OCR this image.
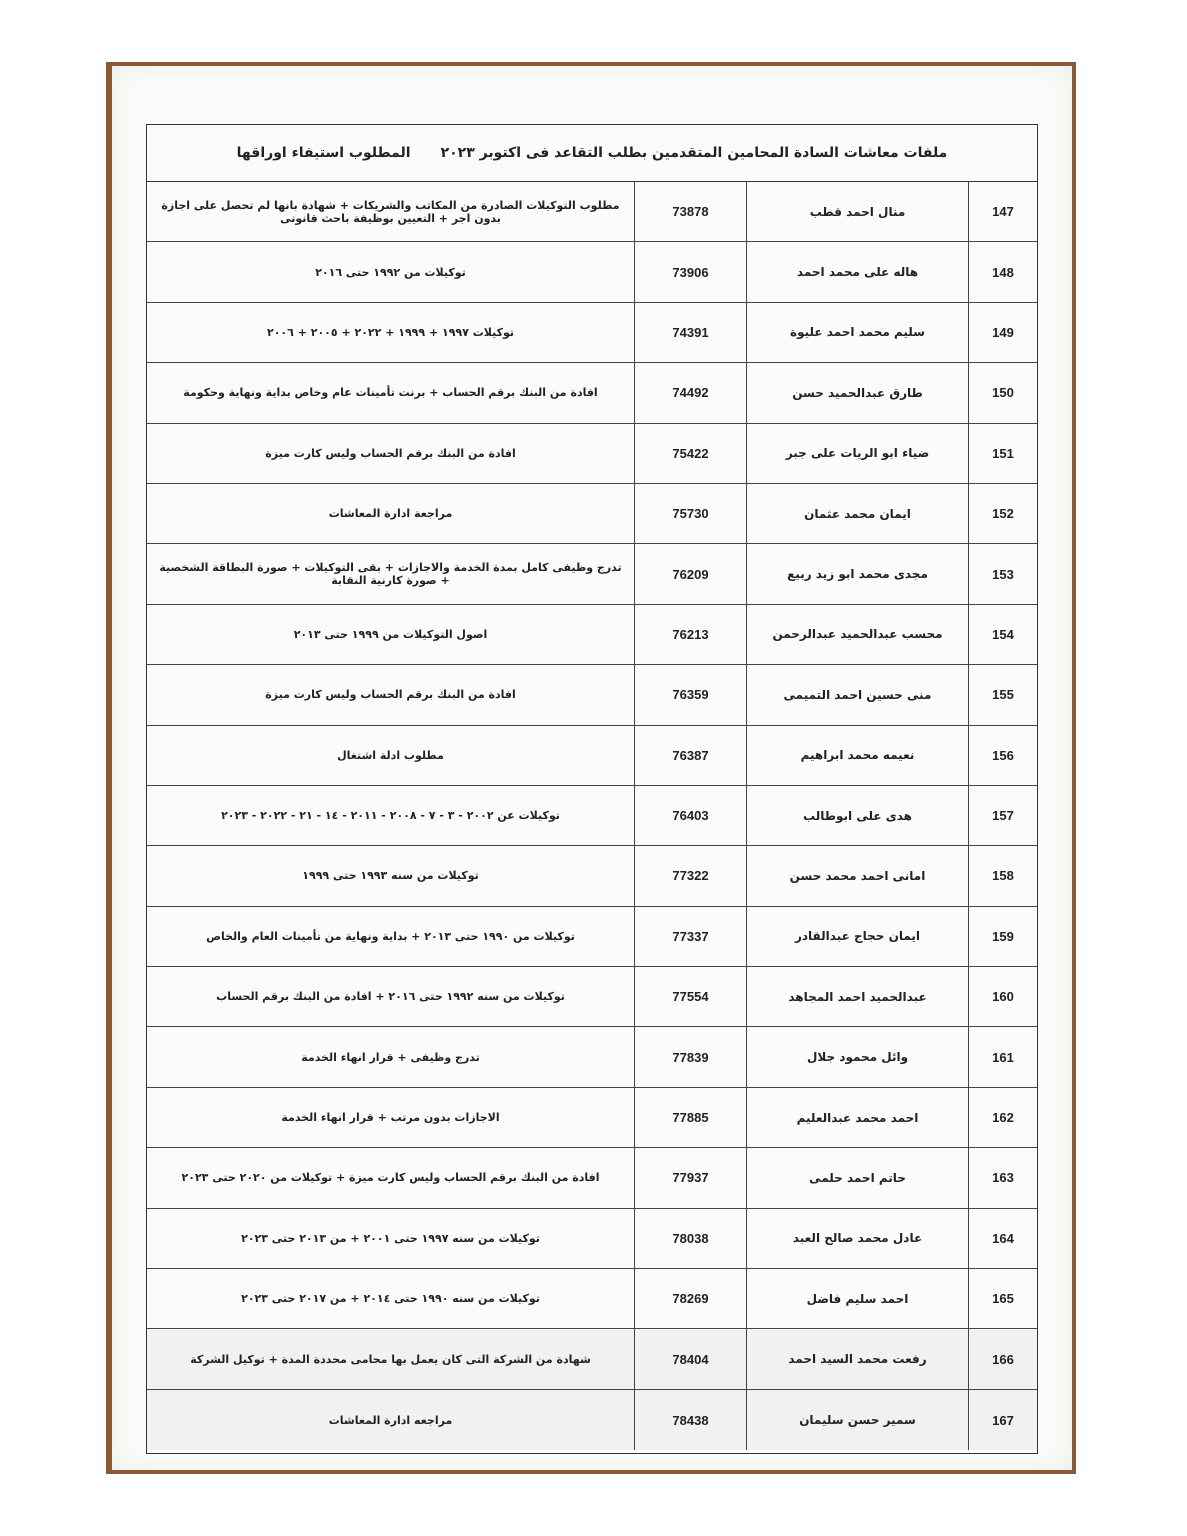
ملفات معاشات السادة المحامين المتقدمين بطلب التقاعد فى اكتوبر ٢٠٢٣
المطلوب استيفاء اوراقها
مطلوب التوكيلات الصادرة من المكاتب والشريكات + شهادة بانها لم تحصل على اجازة بدون اجر + التعيين بوظيفة باحث قانونى	73878	منال احمد قطب	147
توكيلات من ١٩٩٢ حتى ٢٠١٦	73906	هاله على محمد احمد	148
توكيلات ١٩٩٧ + ١٩٩٩ + ٢٠٢٢ + ٢٠٠٥ + ٢٠٠٦	74391	سليم محمد احمد عليوة	149
افادة من البنك برقم الحساب + برنت تأمينات عام وخاص بداية ونهاية وحكومة	74492	طارق عبدالحميد حسن	150
افادة من البنك برقم الحساب وليس كارت ميزة	75422	ضياء ابو الريات على جبر	151
مراجعة ادارة المعاشات	75730	ايمان محمد عثمان	152
تدرج وظيفى كامل بمدة الخدمة والاجازات + بقى التوكيلات + صورة البطاقة الشخصية + صورة كارنية النقابة	76209	مجدى محمد ابو زيد ربيع	153
اصول التوكيلات من ١٩٩٩ حتى ٢٠١٣	76213	محسب عبدالحميد عبدالرحمن	154
افادة من البنك برقم الحساب وليس كارت ميزة	76359	منى حسين احمد التميمى	155
مطلوب ادلة اشتغال	76387	نعيمه محمد ابراهيم	156
توكيلات عن ٢٠٠٢ - ٣ - ٧ - ٢٠٠٨ - ٢٠١١ - ١٤ - ٢١ - ٢٠٢٢ - ٢٠٢٣	76403	هدى على ابوطالب	157
توكيلات من سنه ١٩٩٣ حتى ١٩٩٩	77322	امانى احمد محمد حسن	158
توكيلات من ١٩٩٠ حتى ٢٠١٣ + بداية ونهاية من تأمينات العام والخاص	77337	ايمان حجاج عبدالقادر	159
توكيلات من سنه ١٩٩٢ حتى ٢٠١٦ + افادة من البنك برقم الحساب	77554	عبدالحميد احمد المجاهد	160
تدرج وظيفى + قرار انهاء الخدمة	77839	وائل محمود جلال	161
الاجازات بدون مرتب + قرار انهاء الخدمة	77885	احمد محمد عبدالعليم	162
افادة من البنك برقم الحساب وليس كارت ميزة + توكيلات من ٢٠٢٠ حتى ٢٠٢٣	77937	حاتم احمد حلمى	163
توكيلات من سنه ١٩٩٧ حتى ٢٠٠١ + من ٢٠١٣ حتى ٢٠٢٣	78038	عادل محمد صالح العبد	164
توكيلات من سنه ١٩٩٠ حتى ٢٠١٤ + من ٢٠١٧ حتى ٢٠٢٣	78269	احمد سليم فاضل	165
شهادة من الشركة التى كان يعمل بها محامى محددة المدة + توكيل الشركة	78404	رفعت محمد السيد احمد	166
مراجعه ادارة المعاشات	78438	سمير حسن سليمان	167
